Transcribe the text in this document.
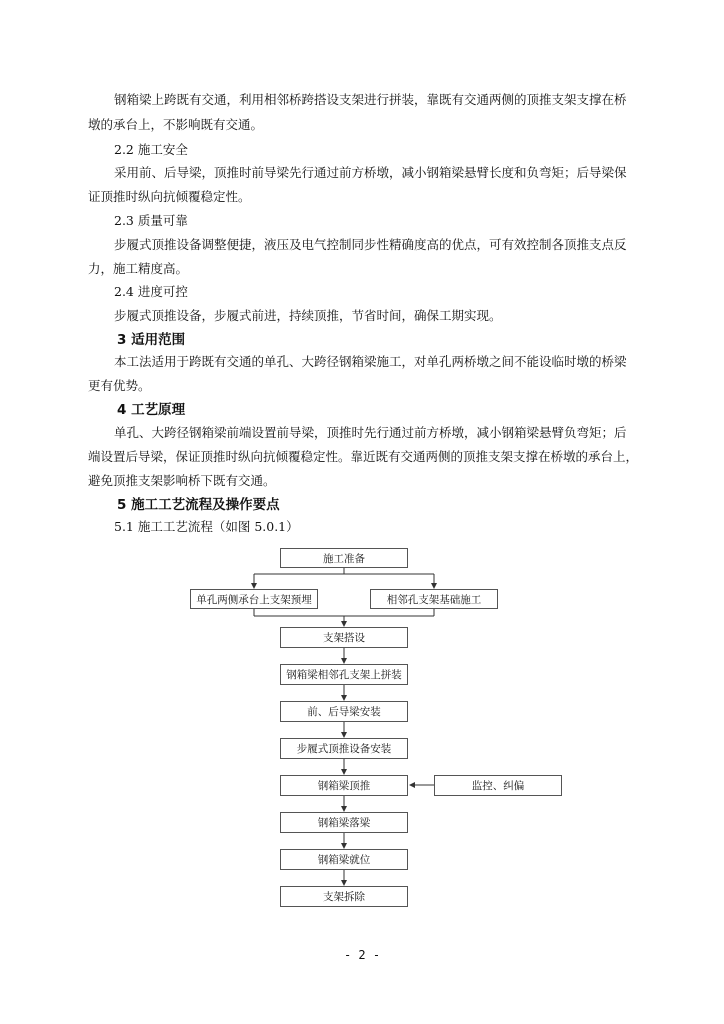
钢箱梁上跨既有交通，利用相邻桥跨搭设支架进行拼装，靠既有交通两侧的顶推支架支撑在桥
墩的承台上，不影响既有交通。
2.2 施工安全
采用前、后导梁，顶推时前导梁先行通过前方桥墩，减小钢箱梁悬臂长度和负弯矩；后导梁保
证顶推时纵向抗倾覆稳定性。
2.3 质量可靠
步履式顶推设备调整便捷，液压及电气控制同步性精确度高的优点，可有效控制各顶推支点反
力，施工精度高。
2.4 进度可控
步履式顶推设备，步履式前进，持续顶推，节省时间，确保工期实现。
3 适用范围
本工法适用于跨既有交通的单孔、大跨径钢箱梁施工，对单孔两桥墩之间不能设临时墩的桥梁
更有优势。
4 工艺原理
单孔、大跨径钢箱梁前端设置前导梁，顶推时先行通过前方桥墩，减小钢箱梁悬臂负弯矩；后
端设置后导梁，保证顶推时纵向抗倾覆稳定性。靠近既有交通两侧的顶推支架支撑在桥墩的承台上，
避免顶推支架影响桥下既有交通。
5 施工工艺流程及操作要点
5.1 施工工艺流程（如图 5.0.1）
施工准备
单孔两侧承台上支架预埋	相邻孔支架基础施工
支架搭设
钢箱梁相邻孔支架上拼装
前、后导梁安装
步履式顶推设备安装
钢箱梁顶推	监控、纠偏
钢箱梁落梁
钢箱梁就位
支架拆除
- 2 -
